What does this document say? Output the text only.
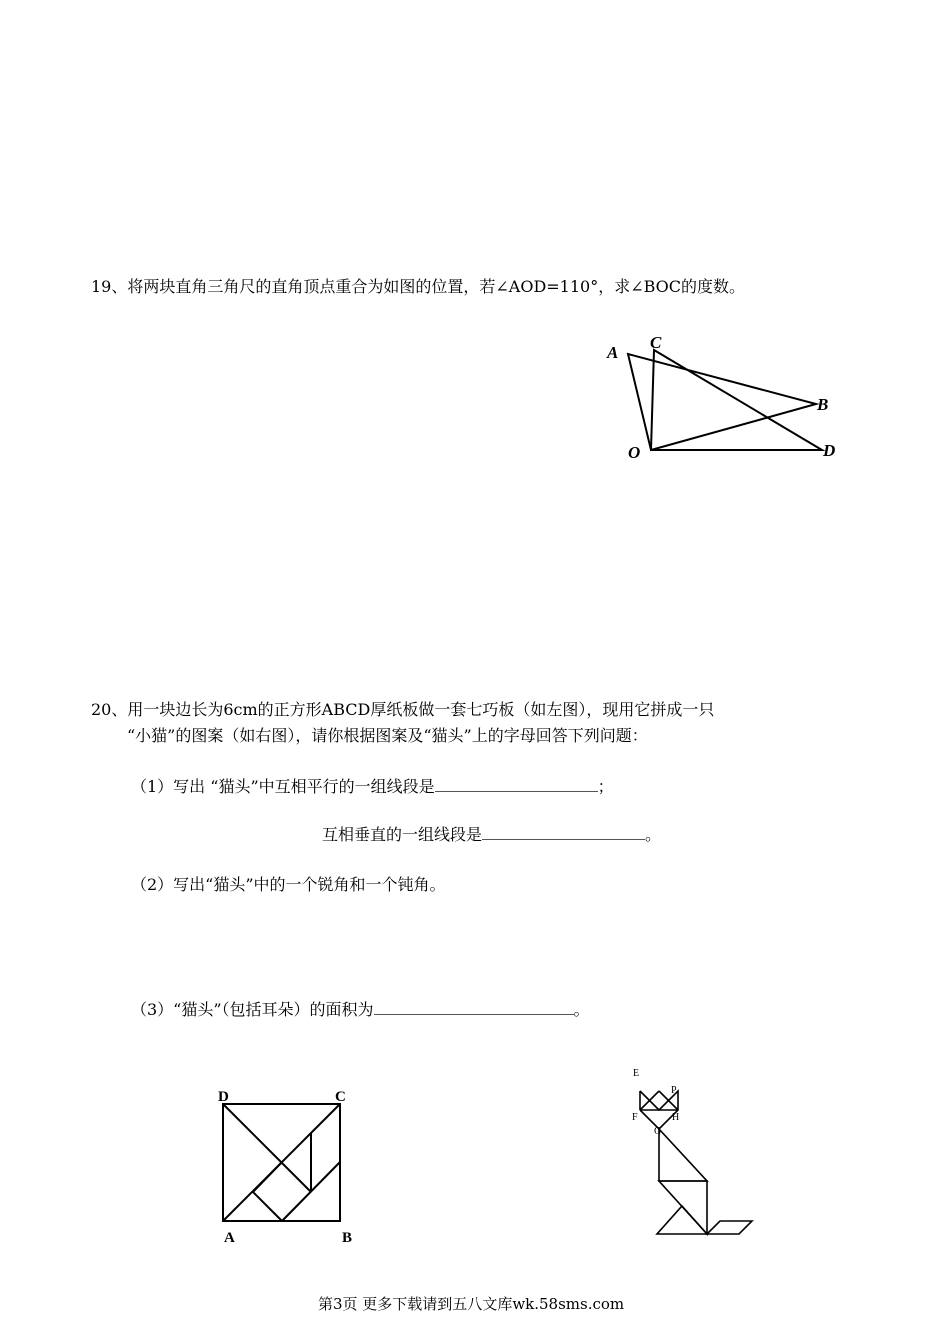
19、将两块直角三角尺的直角顶点重合为如图的位置，若∠AOD=110°，求∠BOC的度数。
A
C
B
O	D
20、用一块边长为6cm的正方形ABCD厚纸板做一套七巧板（如左图），现用它拼成一只
“小猫”的图案（如右图），请你根据图案及“猫头”上的字母回答下列问题：
（1）写出 “猫头”中互相平行的一组线段是	；
互相垂直的一组线段是	。
（2）写出“猫头”中的一个锐角和一个钝角。
（3）“猫头”（包括耳朵）的面积为	。
D	C
A	B
E
P
F	H
G
第3页 更多下载请到五八文库wk.58sms.com
